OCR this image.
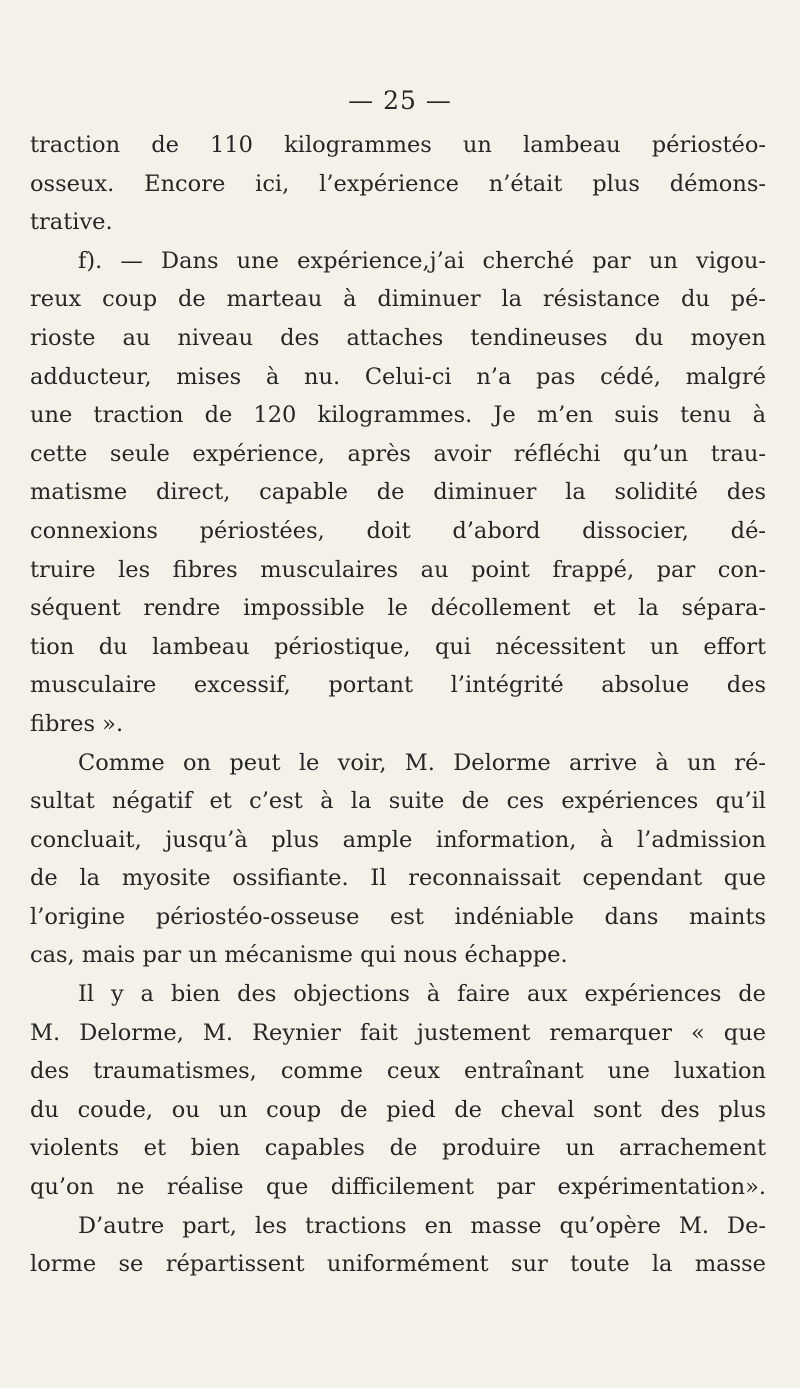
— 25 —
traction de 110 kilogrammes un lambeau périostéo-
osseux. Encore ici, l’expérience n’était plus démons-
trative.
f). — Dans une expérience,j’ai cherché par un vigou-
reux coup de marteau à diminuer la résistance du pé-
rioste au niveau des attaches tendineuses du moyen
adducteur, mises à nu. Celui-ci n’a pas cédé, malgré
une traction de 120 kilogrammes. Je m’en suis tenu à
cette seule expérience, après avoir réfléchi qu’un trau-
matisme direct, capable de diminuer la solidité des
connexions périostées, doit d’abord dissocier, dé-
truire les fibres musculaires au point frappé, par con-
séquent rendre impossible le décollement et la sépara-
tion du lambeau périostique, qui nécessitent un effort
musculaire excessif, portant l’intégrité absolue des
fibres ».
Comme on peut le voir, M. Delorme arrive à un ré-
sultat négatif et c’est à la suite de ces expériences qu’il
concluait, jusqu’à plus ample information, à l’admission
de la myosite ossifiante. Il reconnaissait cependant que
l’origine périostéo-osseuse est indéniable dans maints
cas, mais par un mécanisme qui nous échappe.
Il y a bien des objections à faire aux expériences de
M. Delorme, M. Reynier fait justement remarquer « que
des traumatismes, comme ceux entraînant une luxation
du coude, ou un coup de pied de cheval sont des plus
violents et bien capables de produire un arrachement
qu’on ne réalise que difficilement par expérimentation».
D’autre part, les tractions en masse qu’opère M. De-
lorme se répartissent uniformément sur toute la masse
